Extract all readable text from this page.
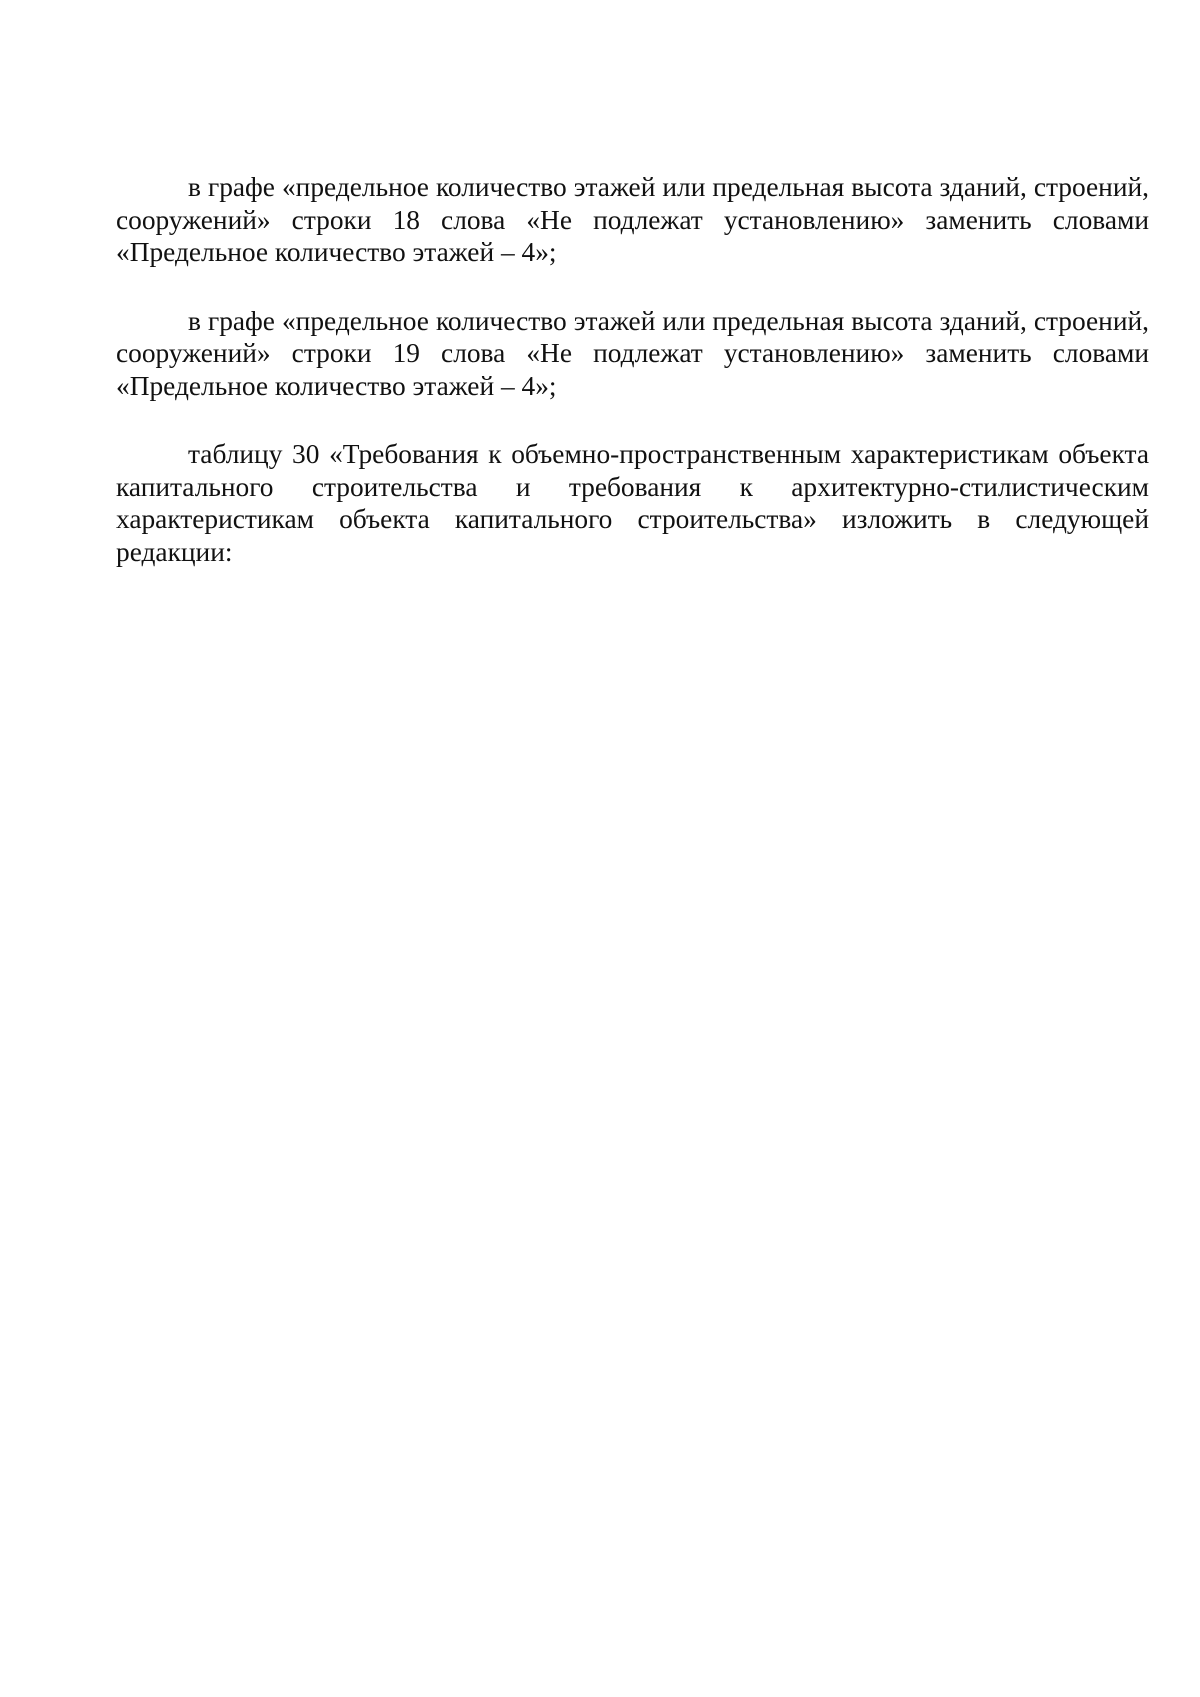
в графе «предельное количество этажей или предельная высота зданий, строений, сооружений» строки 18 слова «Не подлежат установлению» заменить словами «Предельное количество этажей – 4»;

в графе «предельное количество этажей или предельная высота зданий, строений, сооружений» строки 19 слова «Не подлежат установлению» заменить словами «Предельное количество этажей – 4»;

таблицу 30 «Требования к объемно-пространственным характеристикам объекта капитального строительства и требования к архитектурно-стилистическим характеристикам объекта капитального строительства» изложить в следующей редакции:
